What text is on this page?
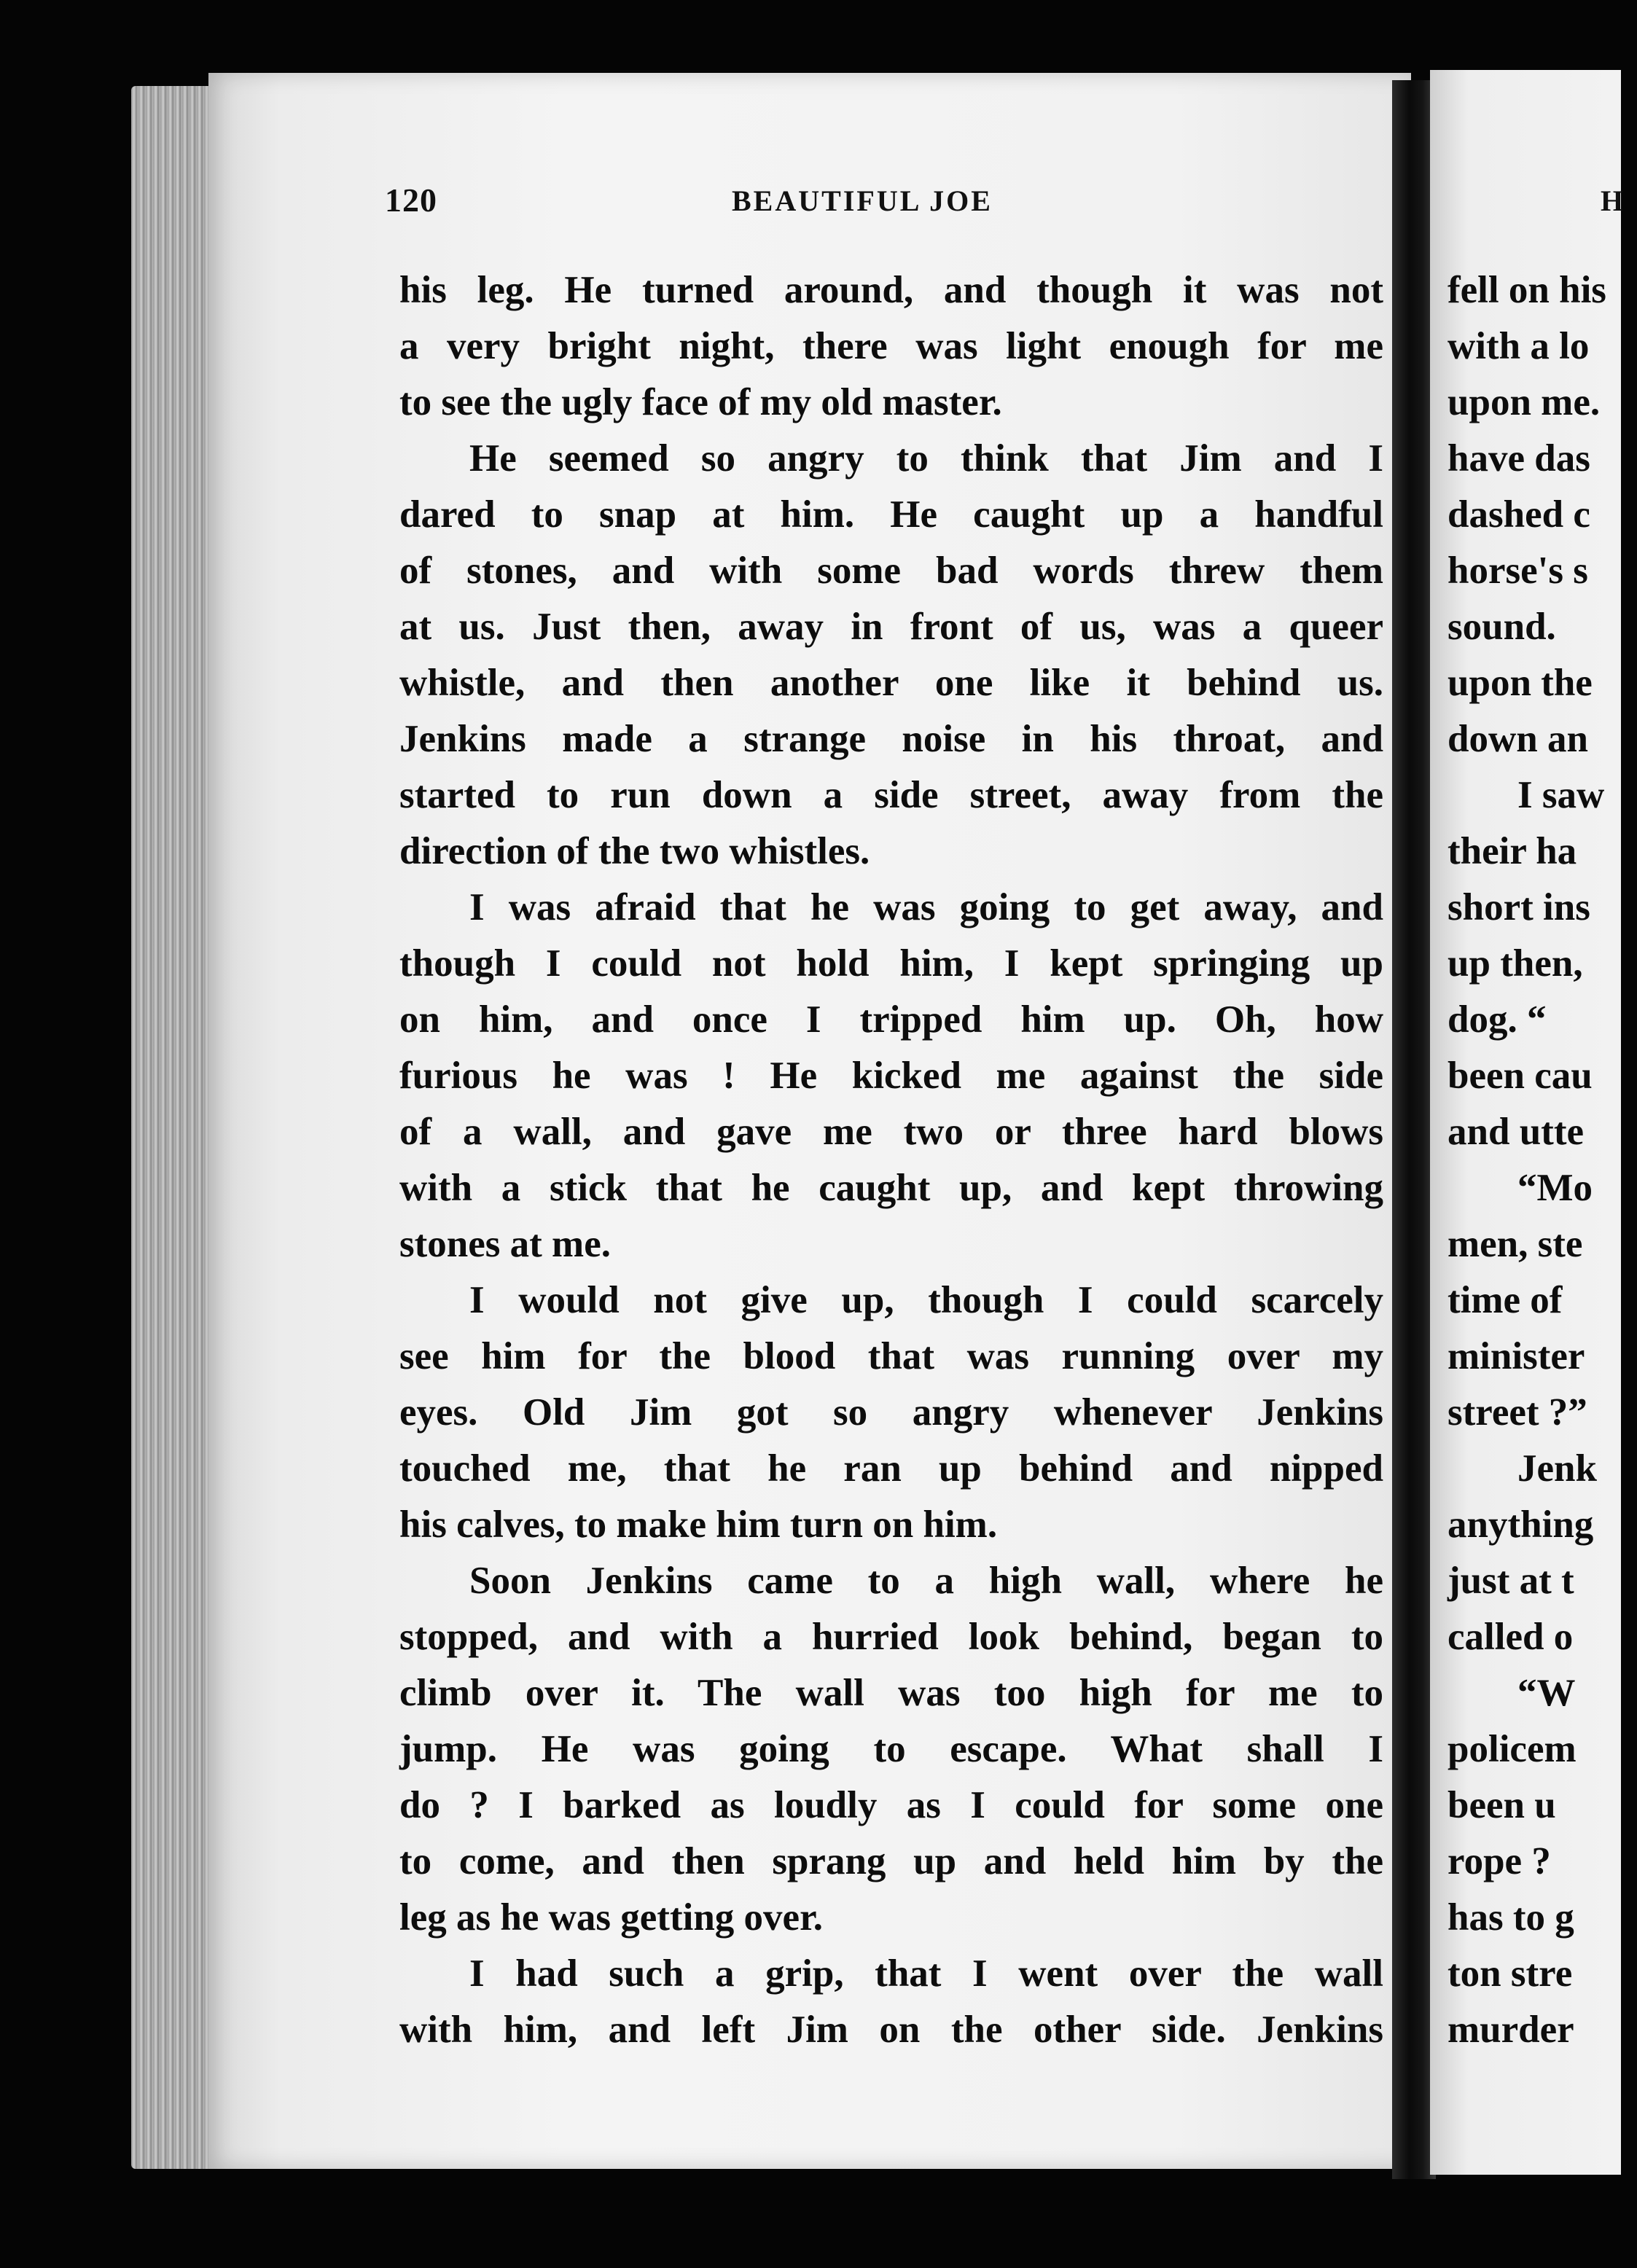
120	BEAUTIFUL JOE
his leg. He turned around, and though it was not
a very bright night, there was light enough for me
to see the ugly face of my old master.
He seemed so angry to think that Jim and I
dared to snap at him. He caught up a handful
of stones, and with some bad words threw them
at us. Just then, away in front of us, was a queer
whistle, and then another one like it behind us.
Jenkins made a strange noise in his throat, and
started to run down a side street, away from the
direction of the two whistles.
I was afraid that he was going to get away, and
though I could not hold him, I kept springing up
on him, and once I tripped him up. Oh, how
furious he was ! He kicked me against the side
of a wall, and gave me two or three hard blows
with a stick that he caught up, and kept throwing
stones at me.
I would not give up, though I could scarcely
see him for the blood that was running over my
eyes. Old Jim got so angry whenever Jenkins
touched me, that he ran up behind and nipped
his calves, to make him turn on him.
Soon Jenkins came to a high wall, where he
stopped, and with a hurried look behind, began to
climb over it. The wall was too high for me to
jump. He was going to escape. What shall I
do ? I barked as loudly as I could for some one
to come, and then sprang up and held him by the
leg as he was getting over.
I had such a grip, that I went over the wall
with him, and left Jim on the other side. Jenkins
H
fell on his
with a lo
upon me.
have das
dashed c
horse's s
sound.
upon the
down an
I saw
their ha
short ins
up then,
dog. “
been cau
and utte
“Mo
men, ste
time of
minister
street ?”
Jenk
anything
just at t
called o
“W
policem
been u
rope ?
has to g
ton stre
murder
